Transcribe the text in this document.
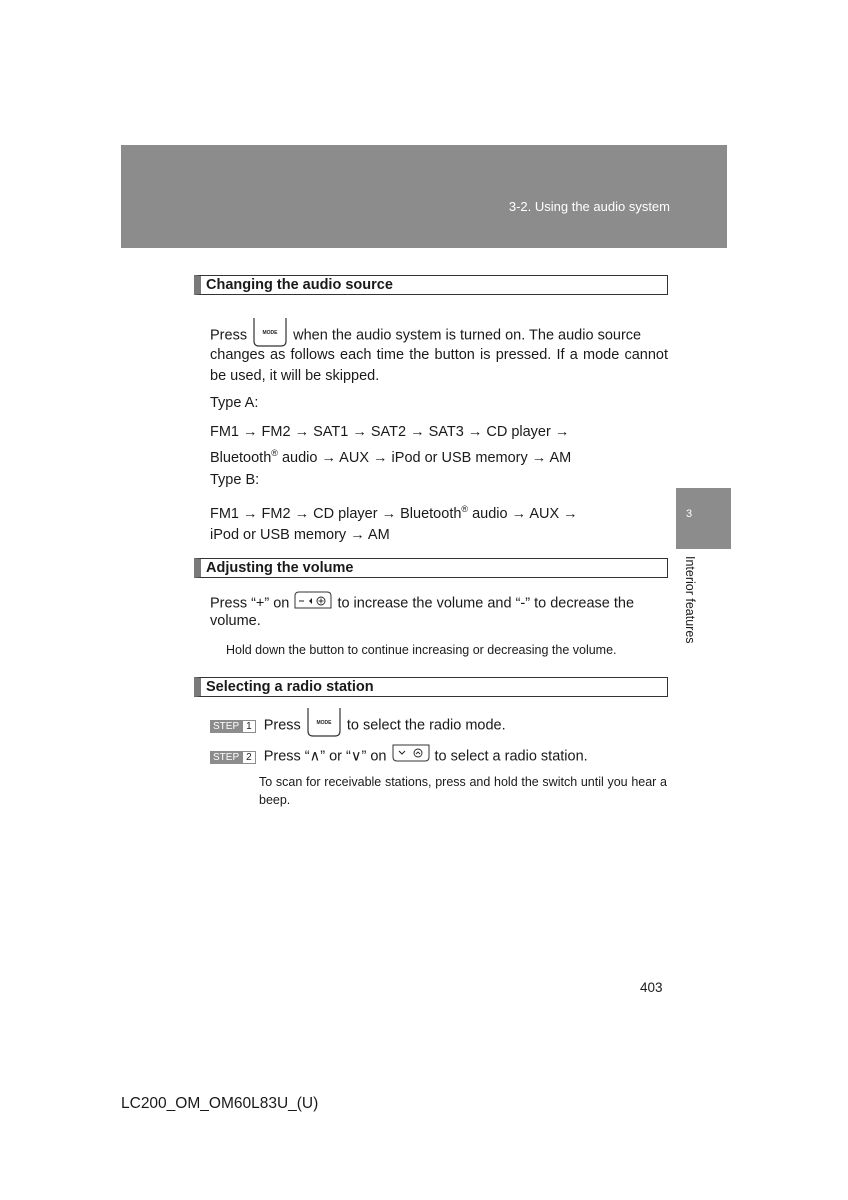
3-2. Using the audio system
3
Interior features
Changing the audio source
Press	MODE when the audio system is turned on. The audio source
changes as follows each time the button is pressed. If a mode cannot be used, it will be skipped.
Type A:
FM1 → FM2 → SAT1 → SAT2 → SAT3 → CD player →
Bluetooth® audio → AUX → iPod or USB memory → AM
Type B:
FM1 → FM2 → CD player → Bluetooth® audio → AUX →
iPod or USB memory → AM
Adjusting the volume
Press “+” on	to increase the volume and “-” to decrease the
volume.
Hold down the button to continue increasing or decreasing the volume.
Selecting a radio station
STEP 1 Press	MODE to select the radio mode.
STEP 2 Press “∧” or “∨” on	to select a radio station.
To scan for receivable stations, press and hold the switch until you hear a beep.
403
LC200_OM_OM60L83U_(U)
